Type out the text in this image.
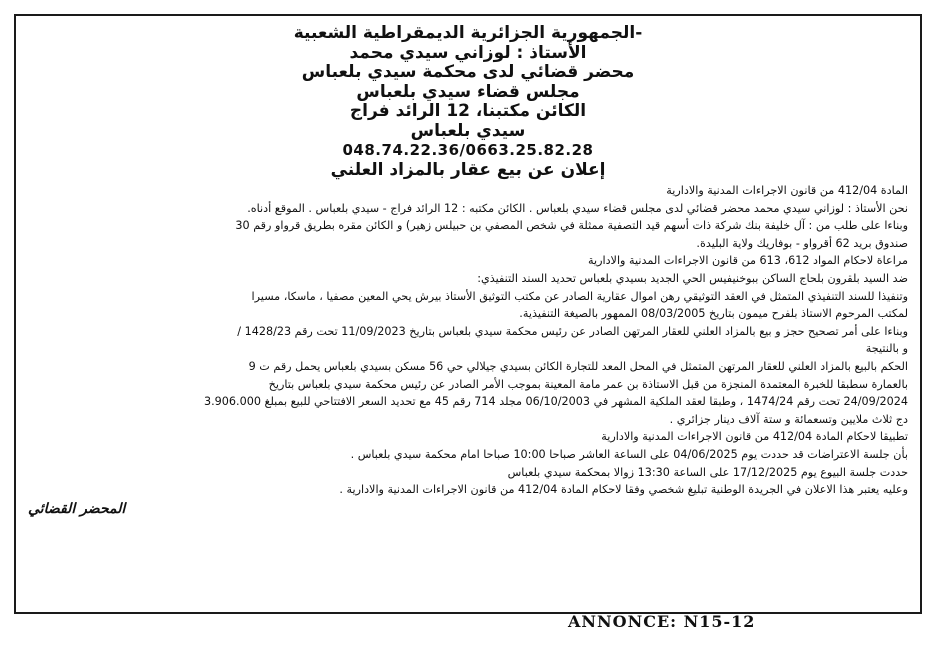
-الجمهورية الجزائرية الديمقراطية الشعبية
الأستاذ : لوزاني سيدي محمد
محضر قضائي لدى محكمة سيدي بلعباس
مجلس قضاء سيدي بلعباس
الكائن مكتبنا، 12 الرائد فراج
سيدي بلعباس
048.74.22.36/0663.25.82.28
إعلان عن بيع عقار بالمزاد العلني
المادة 412/04 من قانون الاجراءات المدنية والادارية
نحن الأستاذ : لوزاني سيدي محمد محضر قضائي لدى مجلس قضاء سيدي بلعباس . الكائن مكتبه : 12 الرائد فراج - سيدي بلعباس . الموقع أدناه.
وبناءا على طلب من : آل خليفة بنك شركة ذات أسهم قيد التصفية ممثلة في شخص المصفي بن حبيلس زهير) و الكائن مقره بطريق قرواو رقم 30
صندوق بريد 62 أقرواو - بوفاريك ولاية البليدة.
مراعاة لاحكام المواد 612، 613 من قانون الاجراءات المدنية والادارية
ضد السيد بلقرون بلحاج الساكن ببوخنيفيس الحي الجديد بسيدي بلعباس تحديد السند التنفيذي:
وتنفيذا للسند التنفيذي المتمثل في العقد التوثيقي رهن اموال عقارية الصادر عن مكتب التوثيق الأستاذ بيرش يحي المعين مصفيا ، ماسكا، مسيرا
لمكتب المرحوم الاستاذ بلفرح ميمون بتاريخ 08/03/2005 الممهور بالصيغة التنفيذية.
وبناءا على أمر تصحيح حجز و بيع بالمزاد العلني للعقار المرتهن الصادر عن رئيس محكمة سيدي بلعباس بتاريخ 11/09/2023 تحت رقم 1428/23 /
و بالنتيجة
الحكم بالبيع بالمزاد العلني للعقار المرتهن المتمثل في المحل المعد للتجارة الكائن بسيدي جيلالي حي 56 مسكن بسيدي بلعباس يحمل رقم ت 9
بالعمارة سطبقا للخبرة المعتمدة المنجزة من قبل الاستاذة بن عمر مامة المعينة بموجب الأمر الصادر عن رئيس محكمة سيدي بلعباس بتاريخ
24/09/2024 تحت رقم 1474/24 ، وطبقا لعقد الملكية المشهر في 06/10/2003 مجلد 714 رقم 45 مع تحديد السعر الافتتاحي للبيع بمبلغ 3.906.000
دج ثلاث ملايين وتسعمائة و ستة آلاف دينار جزائري .
تطبيقا لاحكام المادة 412/04 من قانون الاجراءات المدنية والادارية
بأن جلسة الاعتراضات قد حددت يوم 04/06/2025 على الساعة العاشر صباحا 10:00 صباحا امام محكمة سيدي بلعباس .
حددت جلسة البيوع يوم 17/12/2025 على الساعة 13:30 زوالا بمحكمة سيدي بلعباس
وعليه يعتبر هذا الاعلان في الجريدة الوطنية تبليغ شخصي وفقا لاحكام المادة 412/04 من قانون الاجراءات المدنية والادارية .
المحضر القضائي
ANNONCE: N15-12
